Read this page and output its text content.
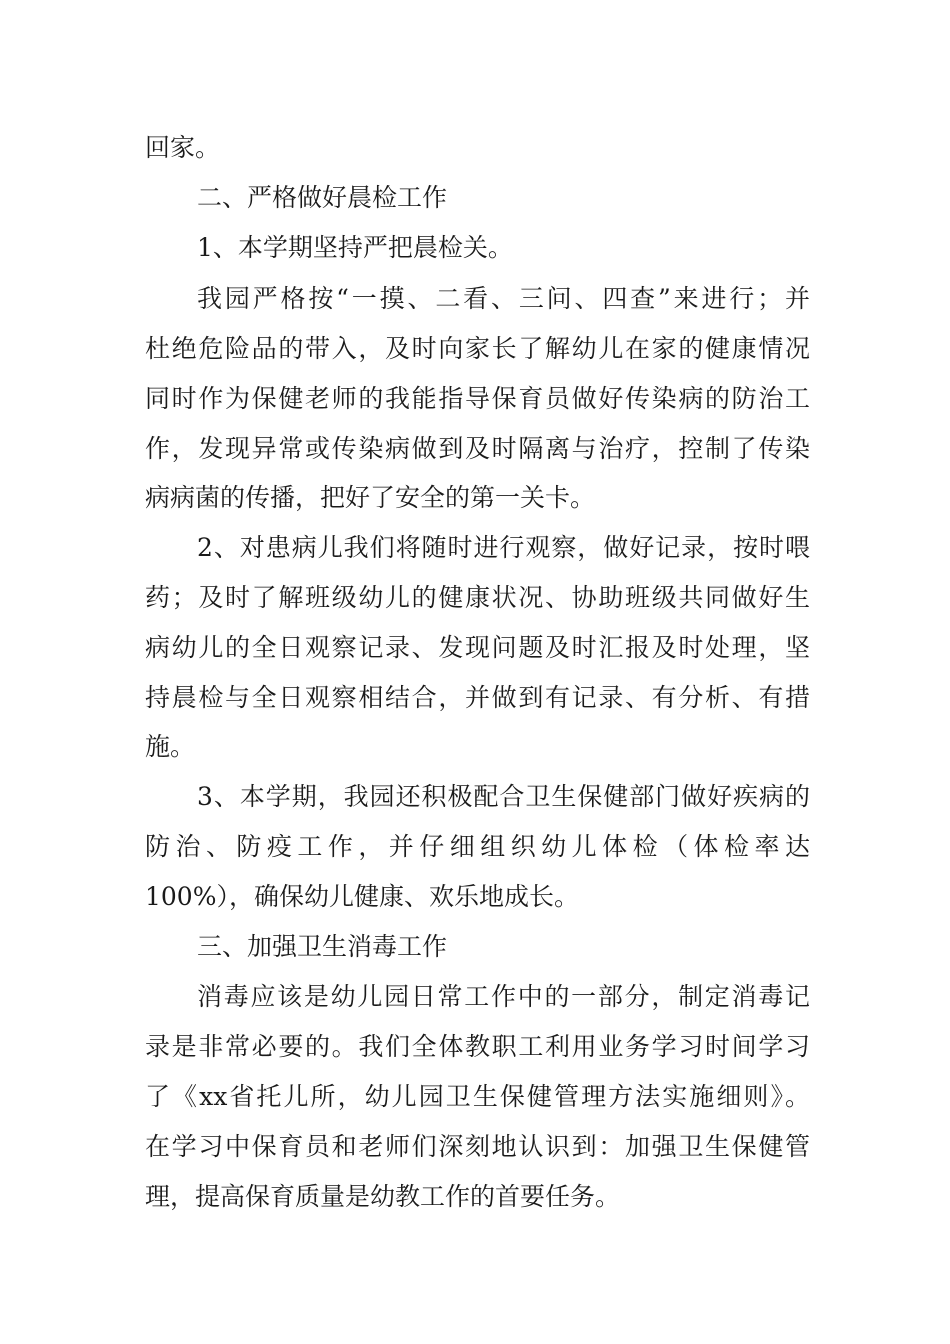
回家。
二、严格做好晨检工作
1、本学期坚持严把晨检关。
我园严格按“一摸、二看、三问、四查”来进行；并
杜绝危险品的带入，及时向家长了解幼儿在家的健康情况
同时作为保健老师的我能指导保育员做好传染病的防治工
作，发现异常或传染病做到及时隔离与治疗，控制了传染
病病菌的传播，把好了安全的第一关卡。
2、对患病儿我们将随时进行观察，做好记录，按时喂
药；及时了解班级幼儿的健康状况、协助班级共同做好生
病幼儿的全日观察记录、发现问题及时汇报及时处理，坚
持晨检与全日观察相结合，并做到有记录、有分析、有措
施。
3、本学期，我园还积极配合卫生保健部门做好疾病的
防治、防疫工作，并仔细组织幼儿体检（体检率达
100%），确保幼儿健康、欢乐地成长。
三、加强卫生消毒工作
消毒应该是幼儿园日常工作中的一部分，制定消毒记
录是非常必要的。我们全体教职工利用业务学习时间学习
了《xx省托儿所，幼儿园卫生保健管理方法实施细则》。
在学习中保育员和老师们深刻地认识到：加强卫生保健管
理，提高保育质量是幼教工作的首要任务。
